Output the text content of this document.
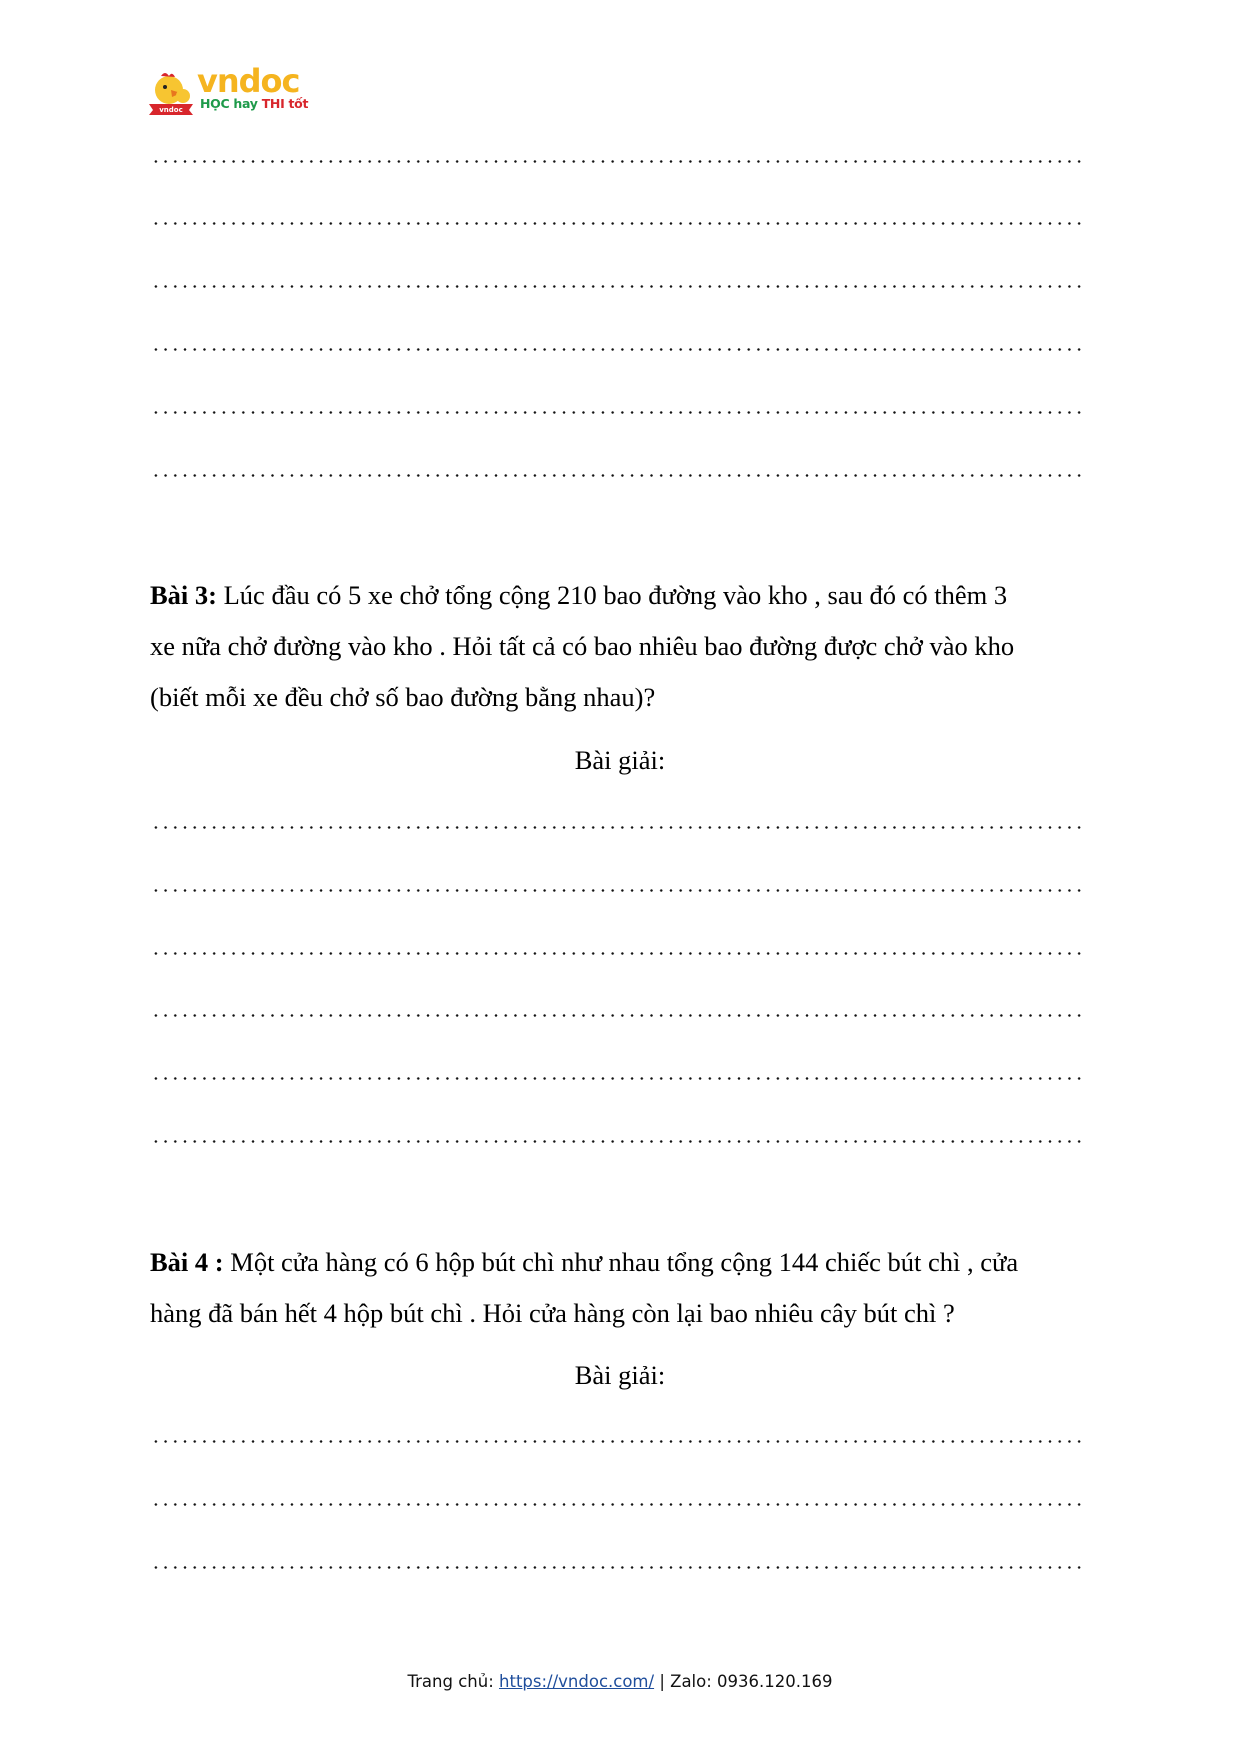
vndoc
vndoc
HỌC hay THI tốt
Bài 3: Lúc đầu có 5 xe chở tổng cộng 210 bao đường vào kho , sau đó có thêm 3
xe nữa chở đường vào kho . Hỏi tất cả có bao nhiêu bao đường được chở vào kho
(biết mỗi xe đều chở số bao đường bằng nhau)?
Bài giải:
Bài 4 : Một cửa hàng có 6 hộp bút chì như nhau tổng cộng 144 chiếc bút chì , cửa
hàng đã bán hết 4 hộp bút chì . Hỏi cửa hàng còn lại bao nhiêu cây bút chì ?
Bài giải:
Trang chủ: https://vndoc.com/ | Zalo: 0936.120.169
